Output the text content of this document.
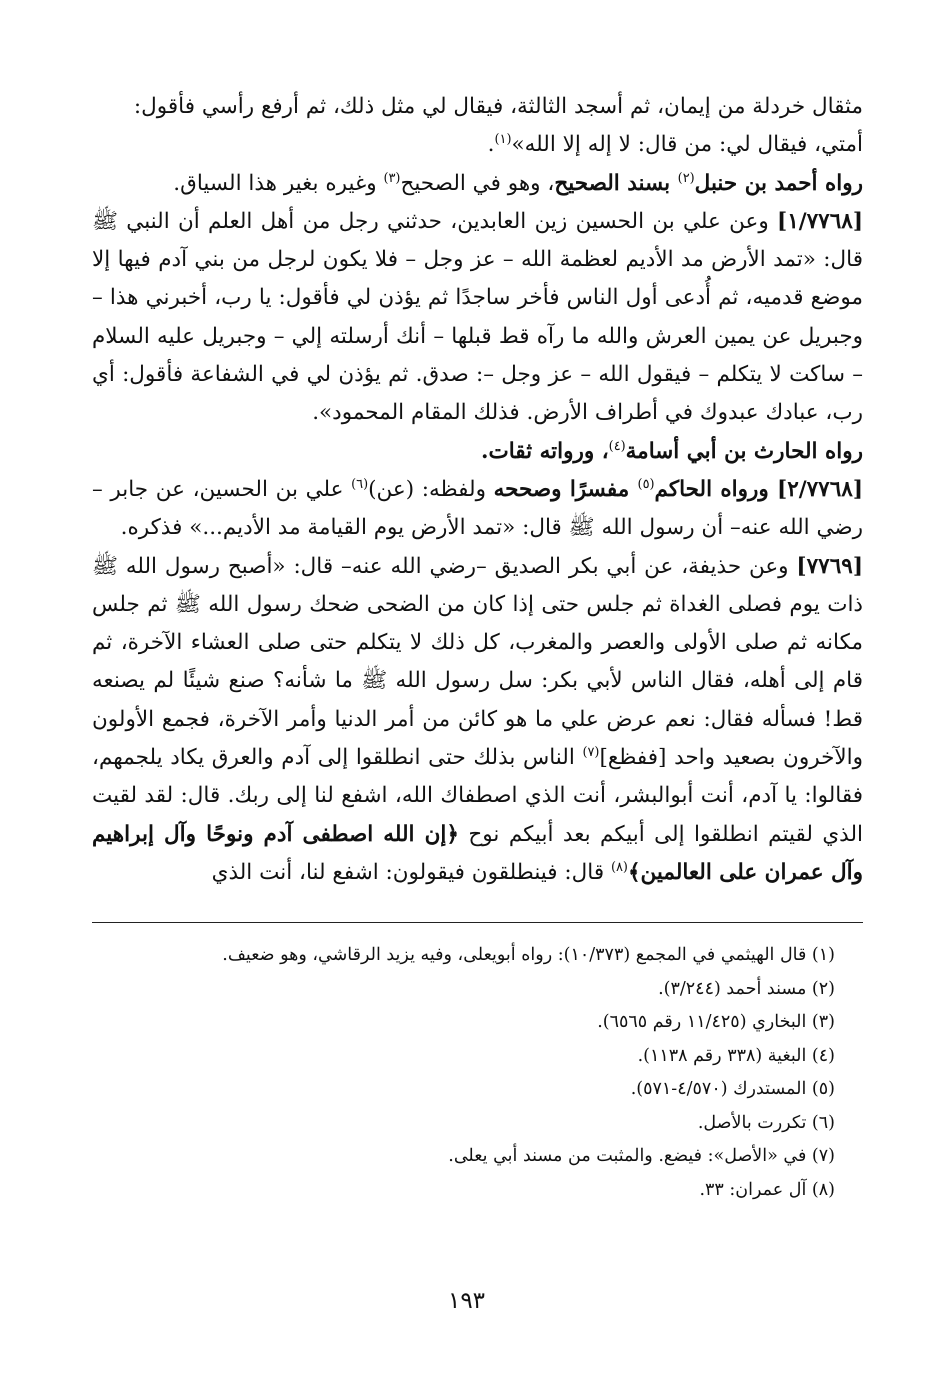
مثقال خردلة من إيمان، ثم أسجد الثالثة، فيقال لي مثل ذلك، ثم أرفع رأسي فأقول:
أمتي، فيقال لي: من قال: لا إله إلا الله»$^{(١)}$.

رواه أحمد بن حنبل$^{(٢)}$ بسند الصحيح، وهو في الصحيح$^{(٣)}$ وغيره بغير هذا السياق.

[١/٧٧٦٨] وعن علي بن الحسين زين العابدين، حدثني رجل من أهل العلم أن النبي ﷺ قال: «تمد الأرض مد الأديم لعظمة الله – عز وجل – فلا يكون لرجل من بني آدم فيها إلا موضع قدميه، ثم أُدعى أول الناس فأخر ساجدًا ثم يؤذن لي فأقول: يا رب، أخبرني هذا – وجبريل عن يمين العرش والله ما رآه قط قبلها – أنك أرسلته إلي – وجبريل عليه السلام – ساكت لا يتكلم – فيقول الله – عز وجل –: صدق. ثم يؤذن لي في الشفاعة فأقول: أي رب، عبادك عبدوك في أطراف الأرض. فذلك المقام المحمود».

رواه الحارث بن أبي أسامة$^{(٤)}$، ورواته ثقات.

[٢/٧٧٦٨] ورواه الحاكم$^{(٥)}$ مفسرًا وصححه ولفظه: (عن)$^{(٦)}$ علي بن الحسين، عن جابر –رضي الله عنه– أن رسول الله ﷺ قال: «تمد الأرض يوم القيامة مد الأديم...» فذكره.

[٧٧٦٩] وعن حذيفة، عن أبي بكر الصديق –رضي الله عنه– قال: «أصبح رسول الله ﷺ ذات يوم فصلى الغداة ثم جلس حتى إذا كان من الضحى ضحك رسول الله ﷺ ثم جلس مكانه ثم صلى الأولى والعصر والمغرب، كل ذلك لا يتكلم حتى صلى العشاء الآخرة، ثم قام إلى أهله، فقال الناس لأبي بكر: سل رسول الله ﷺ ما شأنه؟ صنع شيئًا لم يصنعه قط! فسأله فقال: نعم عرض علي ما هو كائن من أمر الدنيا وأمر الآخرة، فجمع الأولون والآخرون بصعيد واحد [ففظع]$^{(٧)}$ الناس بذلك حتى انطلقوا إلى آدم والعرق يكاد يلجمهم، فقالوا: يا آدم، أنت أبوالبشر، أنت الذي اصطفاك الله، اشفع لنا إلى ربك. قال: لقد لقيت الذي لقيتم انطلقوا إلى أبيكم بعد أبيكم نوح ﴿إن الله اصطفى آدم ونوحًا وآل إبراهيم وآل عمران على العالمين﴾$^{(٨)}$ قال: فينطلقون فيقولون: اشفع لنا، أنت الذي

(١) قال الهيثمي في المجمع (١٠/٣٧٣): رواه أبويعلى، وفيه يزيد الرقاشي، وهو ضعيف.

(٢) مسند أحمد (٣/٢٤٤).

(٣) البخاري (١١/٤٢٥ رقم ٦٥٦٥).

(٤) البغية (٣٣٨ رقم ١١٣٨).

(٥) المستدرك (٤/٥٧٠-٥٧١).

(٦) تكررت بالأصل.

(٧) في «الأصل»: فيضع. والمثبت من مسند أبي يعلى.

(٨) آل عمران: ٣٣.

١٩٣
